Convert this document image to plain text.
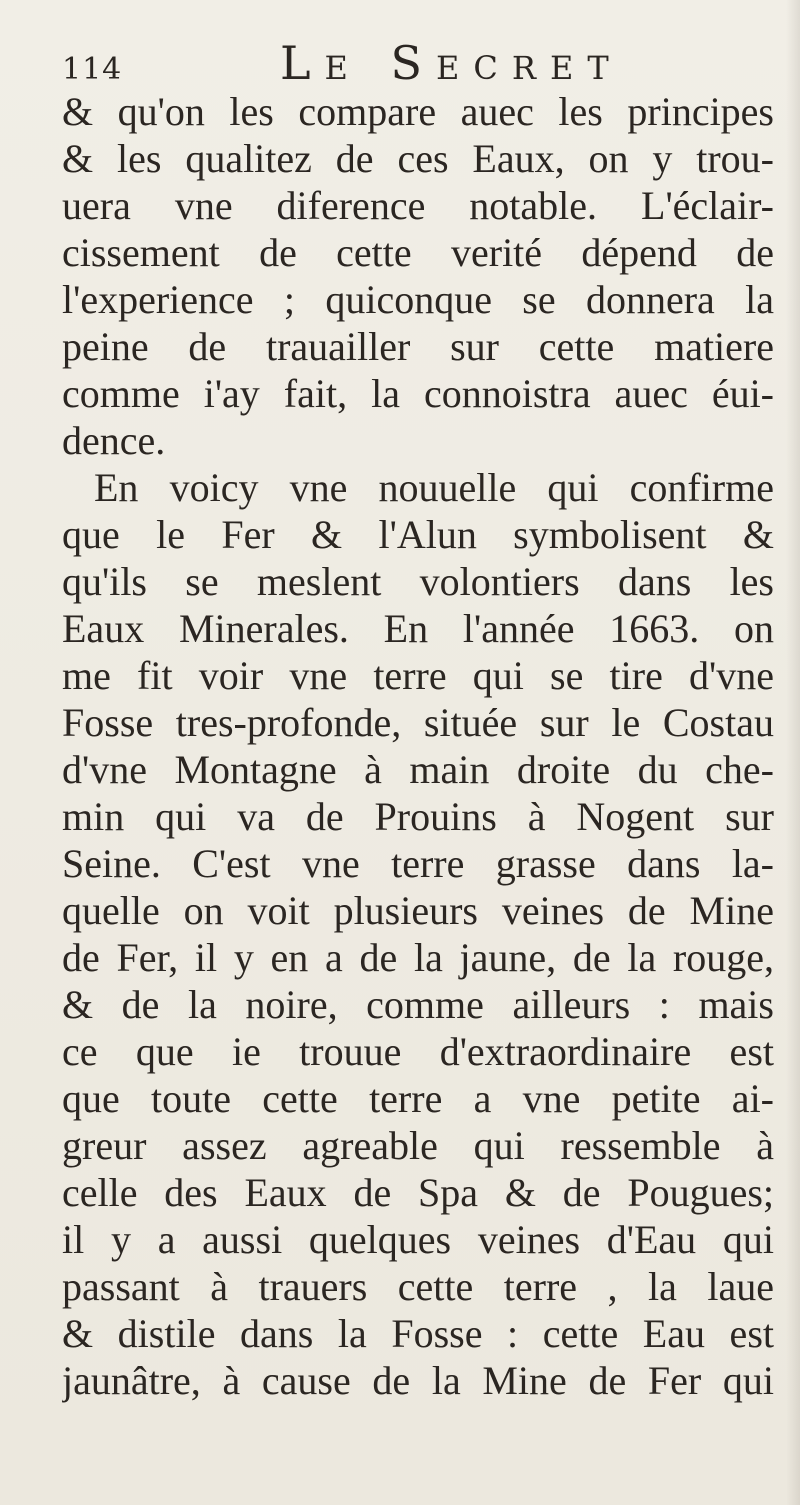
114	Le Secret
& qu'on les compare auec les principes
& les qualitez de ces Eaux, on y trou-
uera vne diference notable. L'éclair-
cissement de cette verité dépend de
l'experience ; quiconque se donnera la
peine de trauailler sur cette matiere
comme i'ay fait, la connoistra auec éui-
dence.
En voicy vne nouuelle qui confirme
que le Fer & l'Alun symbolisent &
qu'ils se meslent volontiers dans les
Eaux Minerales. En l'année 1663. on
me fit voir vne terre qui se tire d'vne
Fosse tres-profonde, située sur le Costau
d'vne Montagne à main droite du che-
min qui va de Prouins à Nogent sur
Seine. C'est vne terre grasse dans la-
quelle on voit plusieurs veines de Mine
de Fer, il y en a de la jaune, de la rouge,
& de la noire, comme ailleurs : mais
ce que ie trouue d'extraordinaire est
que toute cette terre a vne petite ai-
greur assez agreable qui ressemble à
celle des Eaux de Spa & de Pougues;
il y a aussi quelques veines d'Eau qui
passant à trauers cette terre , la laue
& distile dans la Fosse : cette Eau est
jaunâtre, à cause de la Mine de Fer qui
